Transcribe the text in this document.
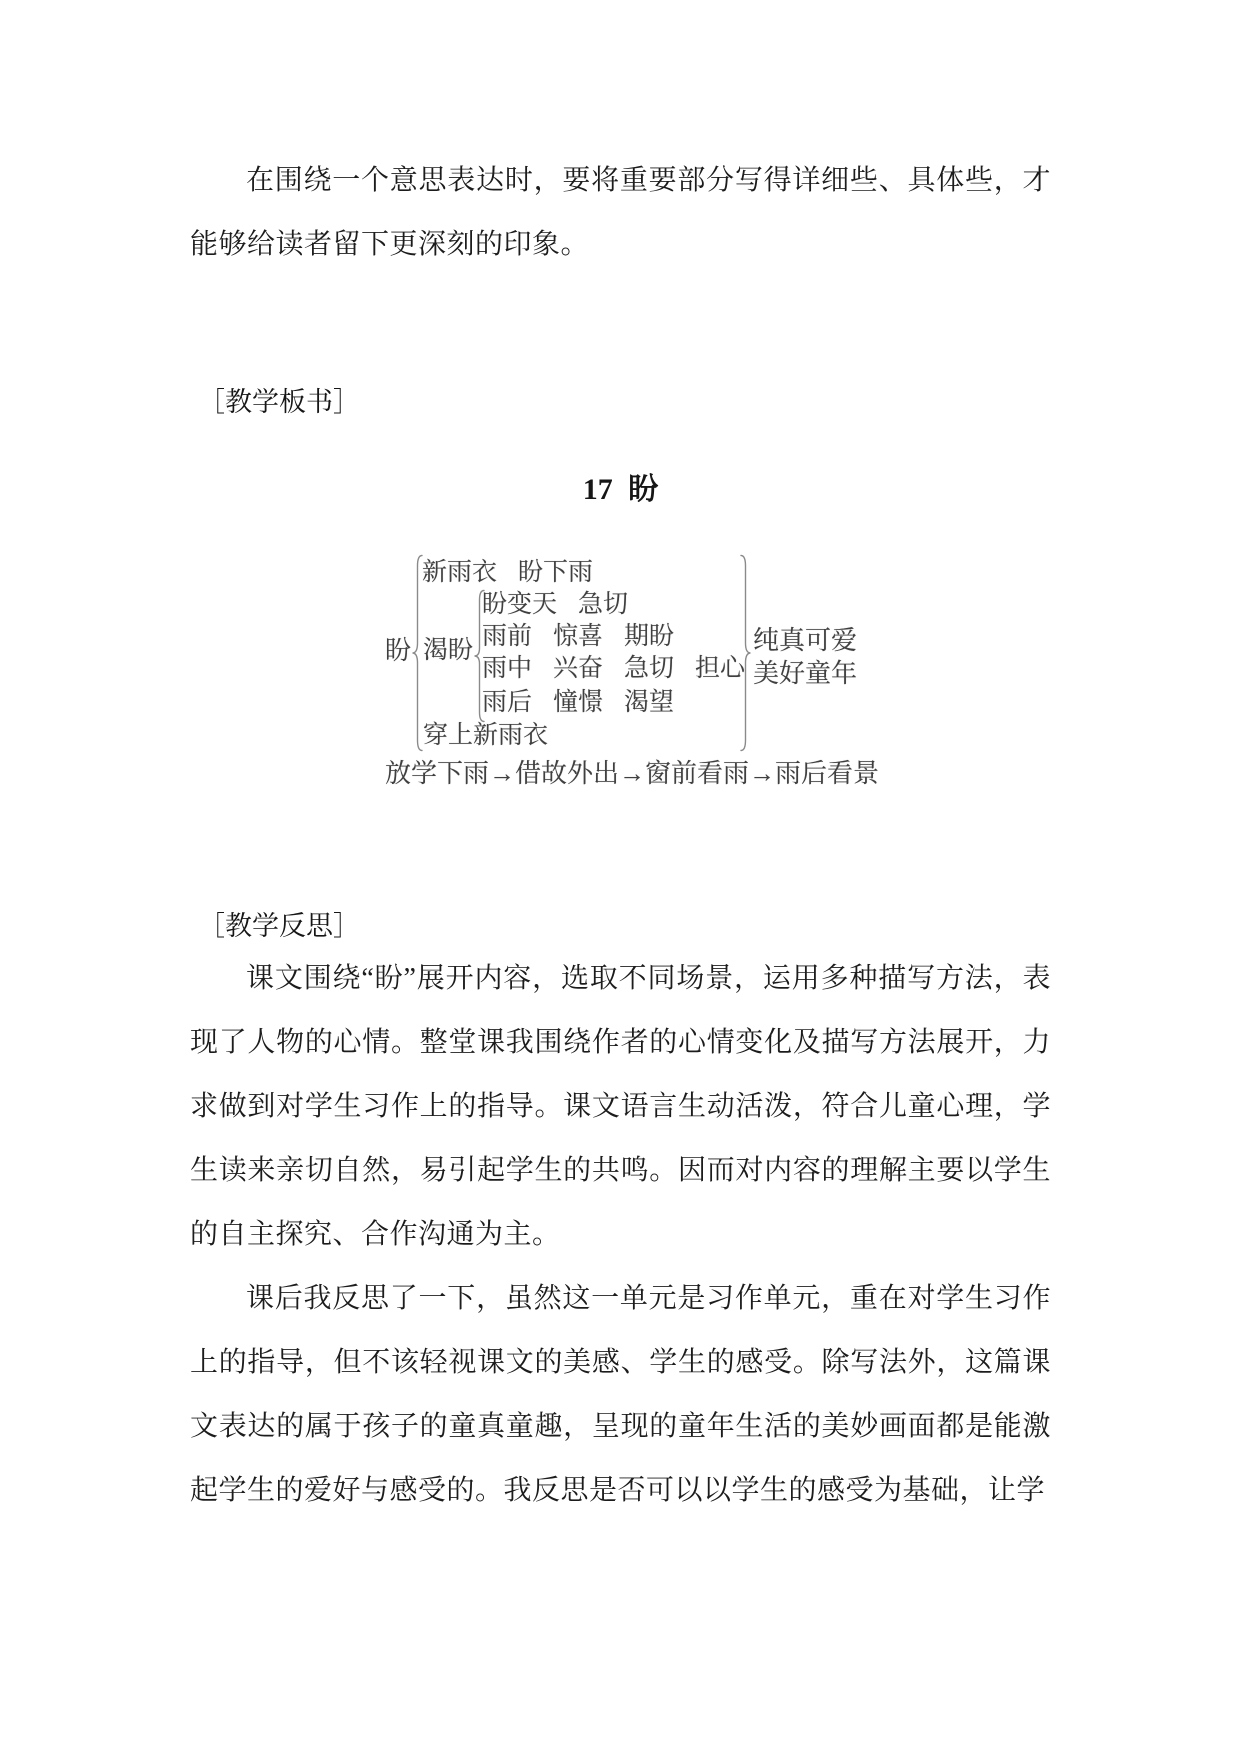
在围绕一个意思表达时，要将重要部分写得详细些、具体些，才能够给读者留下更深刻的印象。

［教学板书］
17 盼
盼
新雨衣 盼下雨
渴盼
盼变天 急切
雨前 惊喜 期盼
雨中 兴奋 急切 担心
雨后 憧憬 渴望
穿上新雨衣
纯真可爱
美好童年
放学下雨→借故外出→窗前看雨→雨后看景
［教学反思］

课文围绕“盼”展开内容，选取不同场景，运用多种描写方法，表现了人物的心情。整堂课我围绕作者的心情变化及描写方法展开，力求做到对学生习作上的指导。课文语言生动活泼，符合儿童心理，学生读来亲切自然，易引起学生的共鸣。因而对内容的理解主要以学生的自主探究、合作沟通为主。

课后我反思了一下，虽然这一单元是习作单元，重在对学生习作上的指导，但不该轻视课文的美感、学生的感受。除写法外，这篇课文表达的属于孩子的童真童趣，呈现的童年生活的美妙画面都是能激起学生的爱好与感受的。我反思是否可以以学生的感受为基础，让学
